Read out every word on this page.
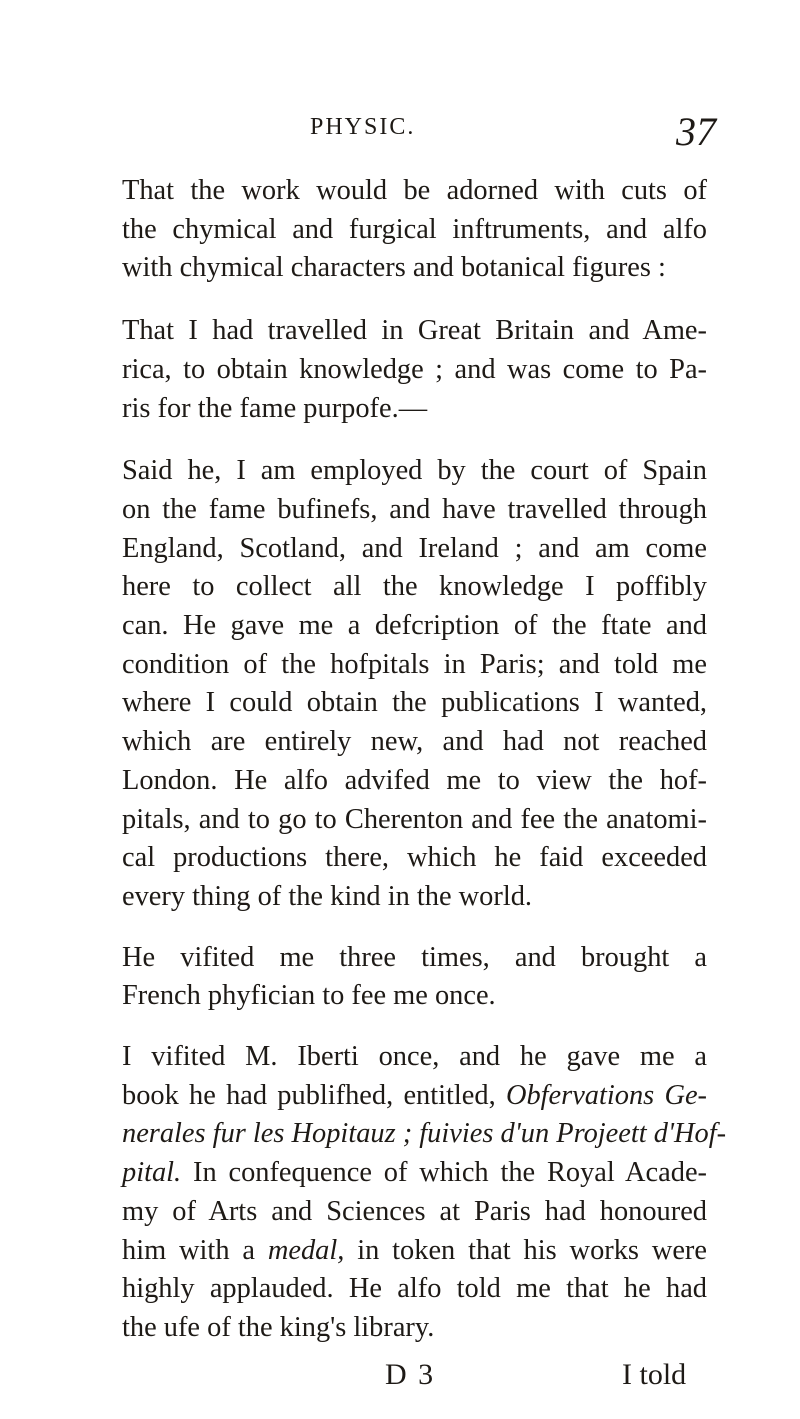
PHYSIC.	37

That the work would be adorned with cuts of
the chymical and furgical inftruments, and alfo
with chymical characters and botanical figures :

That I had travelled in Great Britain and Ame-
rica, to obtain knowledge ; and was come to Pa-
ris for the fame purpofe.—

Said he, I am employed by the court of Spain
on the fame bufinefs, and have travelled through
England, Scotland, and Ireland ; and am come
here to collect all the knowledge I poffibly
can. He gave me a defcription of the ftate and
condition of the hofpitals in Paris; and told me
where I could obtain the publications I wanted,
which are entirely new, and had not reached
London. He alfo advifed me to view the hof-
pitals, and to go to Cherenton and fee the anatomi-
cal productions there, which he faid exceeded
every thing of the kind in the world.

He vifited me three times, and brought a
French phyfician to fee me once.

I vifited M. Iberti once, and he gave me a
book he had publifhed, entitled, Obfervations Ge-
nerales fur les Hopitauz ; fuivies d'un Projeett d'Hof-
pital. In confequence of which the Royal Acade-
my of Arts and Sciences at Paris had honoured
him with a medal, in token that his works were
highly applauded. He alfo told me that he had
the ufe of the king's library.

D 3	I told
